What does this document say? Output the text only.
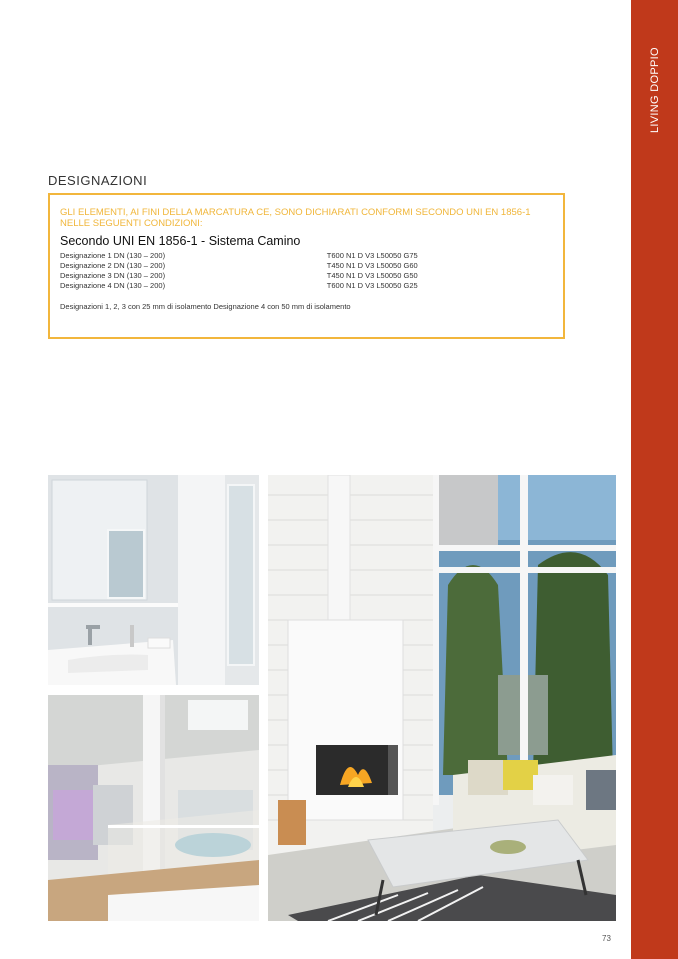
LIVING DOPPIO
DESIGNAZIONI
GLI ELEMENTI, AI FINI DELLA MARCATURA CE, SONO DICHIARATI CONFORMI SECONDO UNI EN 1856-1 NELLE SEGUENTI CONDIZIONI:
Secondo UNI EN 1856-1 - Sistema Camino
Designazione 1 DN (130 – 200)	T600 N1 D V3 L50050 G75
Designazione 2 DN (130 – 200)	T450 N1 D V3 L50050 G60
Designazione 3 DN (130 – 200)	T450 N1 D V3 L50050 G50
Designazione 4 DN (130 – 200)	T600 N1 D V3 L50050 G25
Designazioni 1, 2, 3 con 25 mm di isolamento Designazione 4 con 50 mm di isolamento
73
